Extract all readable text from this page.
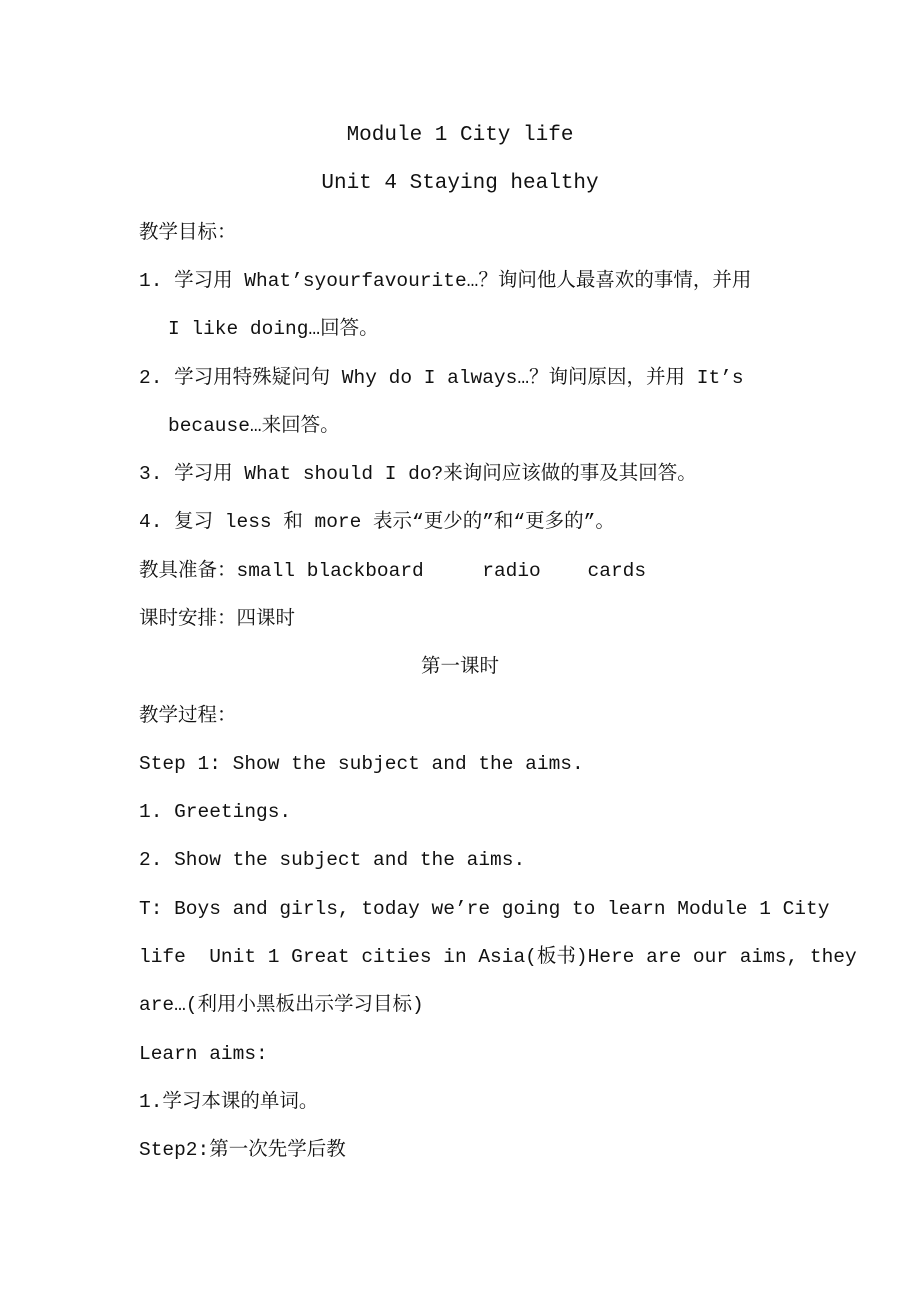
Module 1 City life
Unit 4 Staying healthy
教学目标：
1. 学习用 What’syourfavourite…？询问他人最喜欢的事情，并用
I like doing…回答。
2. 学习用特殊疑问句 Why do I always…？询问原因，并用 It’s
because…来回答。
3. 学习用 What should I do?来询问应该做的事及其回答。
4. 复习 less 和 more 表示“更少的”和“更多的”。
教具准备：small blackboard     radio    cards
课时安排：四课时
第一课时
教学过程：
Step 1: Show the subject and the aims.
1. Greetings.
2. Show the subject and the aims.
T: Boys and girls, today we’re going to learn Module 1 City
life  Unit 1 Great cities in Asia(板书)Here are our aims, they
are…(利用小黑板出示学习目标)
Learn aims:
1.学习本课的单词。
Step2:第一次先学后教
